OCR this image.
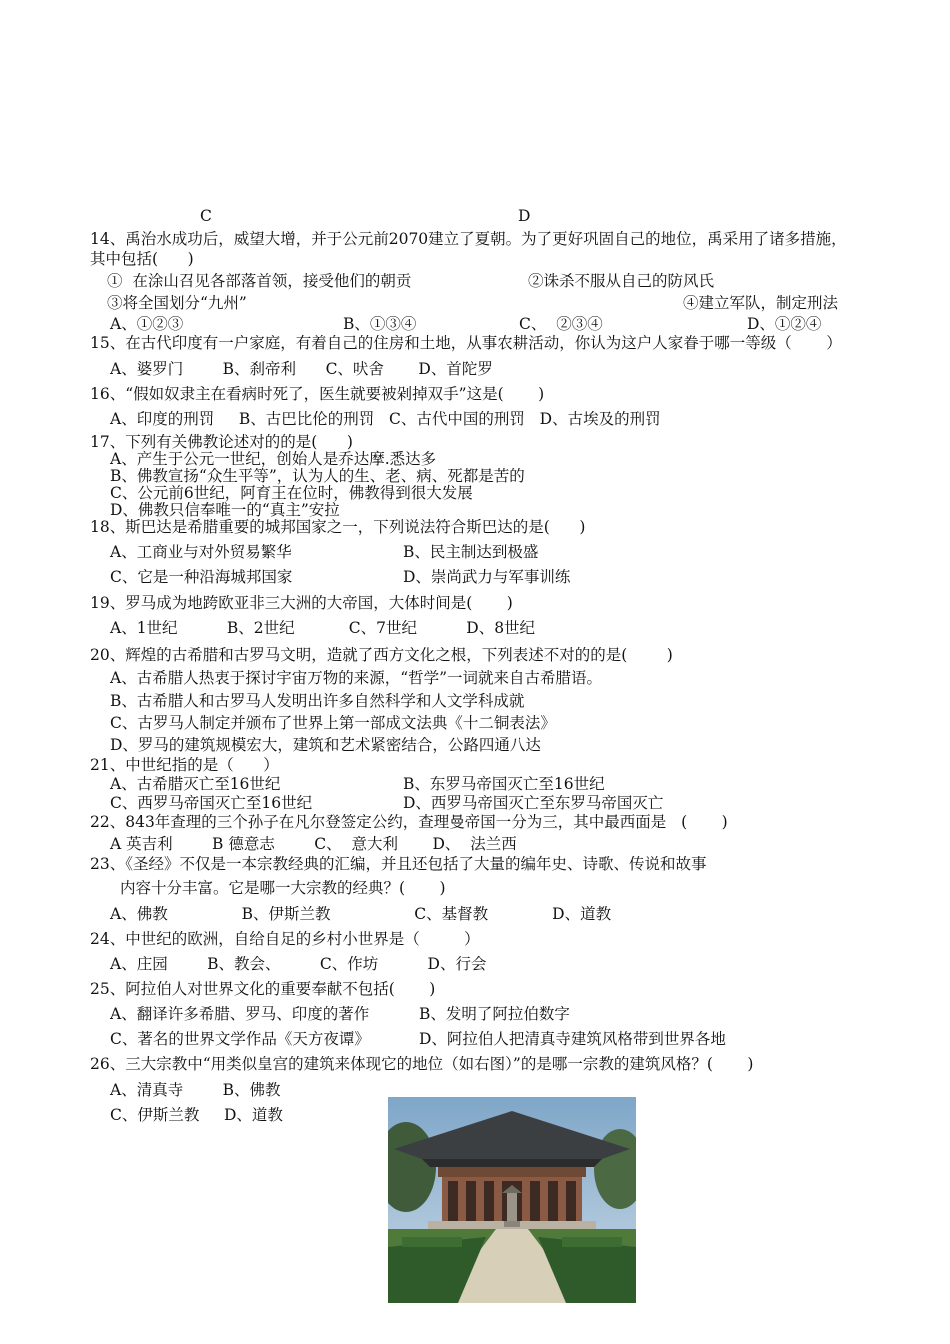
C	D
14、禹治水成功后，威望大增，并于公元前2070建立了夏朝。为了更好巩固自己的地位，禹采用了诸多措施，
其中包括(      )
①  在涂山召见各部落首领，接受他们的朝贡	②诛杀不服从自己的防风氏
③将全国划分“九州”	④建立军队，制定刑法
A、①②③	B、①③④	C、  ②③④	D、①②④
15、在古代印度有一户家庭，有着自己的住房和土地，从事农耕活动，你认为这户人家眷于哪一等级（       ）
A、婆罗门        B、刹帝利      C、吠舍       D、首陀罗
16、“假如奴隶主在看病时死了，医生就要被剁掉双手”这是(       )
A、印度的刑罚     B、古巴比伦的刑罚   C、古代中国的刑罚   D、古埃及的刑罚
17、下列有关佛教论述对的的是(      )
A、产生于公元一世纪，创始人是乔达摩.悉达多
B、佛教宣扬“众生平等”，认为人的生、老、病、死都是苦的
C、公元前6世纪，阿育王在位时，佛教得到很大发展
D、佛教只信奉唯一的“真主”安拉
18、斯巴达是希腊重要的城邦国家之一，下列说法符合斯巴达的是(      )
A、工商业与对外贸易繁华	B、民主制达到极盛
C、它是一种沿海城邦国家	D、崇尚武力与军事训练
19、罗马成为地跨欧亚非三大洲的大帝国，大体时间是(       )
A、1世纪          B、2世纪           C、7世纪          D、8世纪
20、辉煌的古希腊和古罗马文明，造就了西方文化之根，下列表述不对的的是(        )
A、古希腊人热衷于探讨宇宙万物的来源，“哲学”一词就来自古希腊语。
B、古希腊人和古罗马人发明出许多自然科学和人文学科成就
C、古罗马人制定并颁布了世界上第一部成文法典《十二铜表法》
D、罗马的建筑规模宏大，建筑和艺术紧密结合，公路四通八达
21、中世纪指的是（      ）
A、古希腊灭亡至16世纪	B、东罗马帝国灭亡至16世纪
C、西罗马帝国灭亡至16世纪	D、西罗马帝国灭亡至东罗马帝国灭亡
22、843年查理的三个孙子在凡尔登签定公约，查理曼帝国一分为三，其中最西面是   (       )
A 英吉利        B 德意志        C、  意大利       D、  法兰西
23、《圣经》不仅是一本宗教经典的汇编，并且还包括了大量的编年史、诗歌、传说和故事
内容十分丰富。它是哪一大宗教的经典？(       )
A、佛教               B、伊斯兰教                 C、基督教             D、道教
24、中世纪的欧洲，自给自足的乡村小世界是（         ）
A、庄园        B、教会、        C、作坊          D、行会
25、阿拉伯人对世界文化的重要奉献不包括(       )
A、翻译许多希腊、罗马、印度的著作	B、发明了阿拉伯数字
C、著名的世界文学作品《天方夜谭》	D、阿拉伯人把清真寺建筑风格带到世界各地
26、三大宗教中“用类似皇宫的建筑来体现它的地位（如右图）”的是哪一宗教的建筑风格？(       )
A、清真寺        B、佛教
C、伊斯兰教     D、道教
